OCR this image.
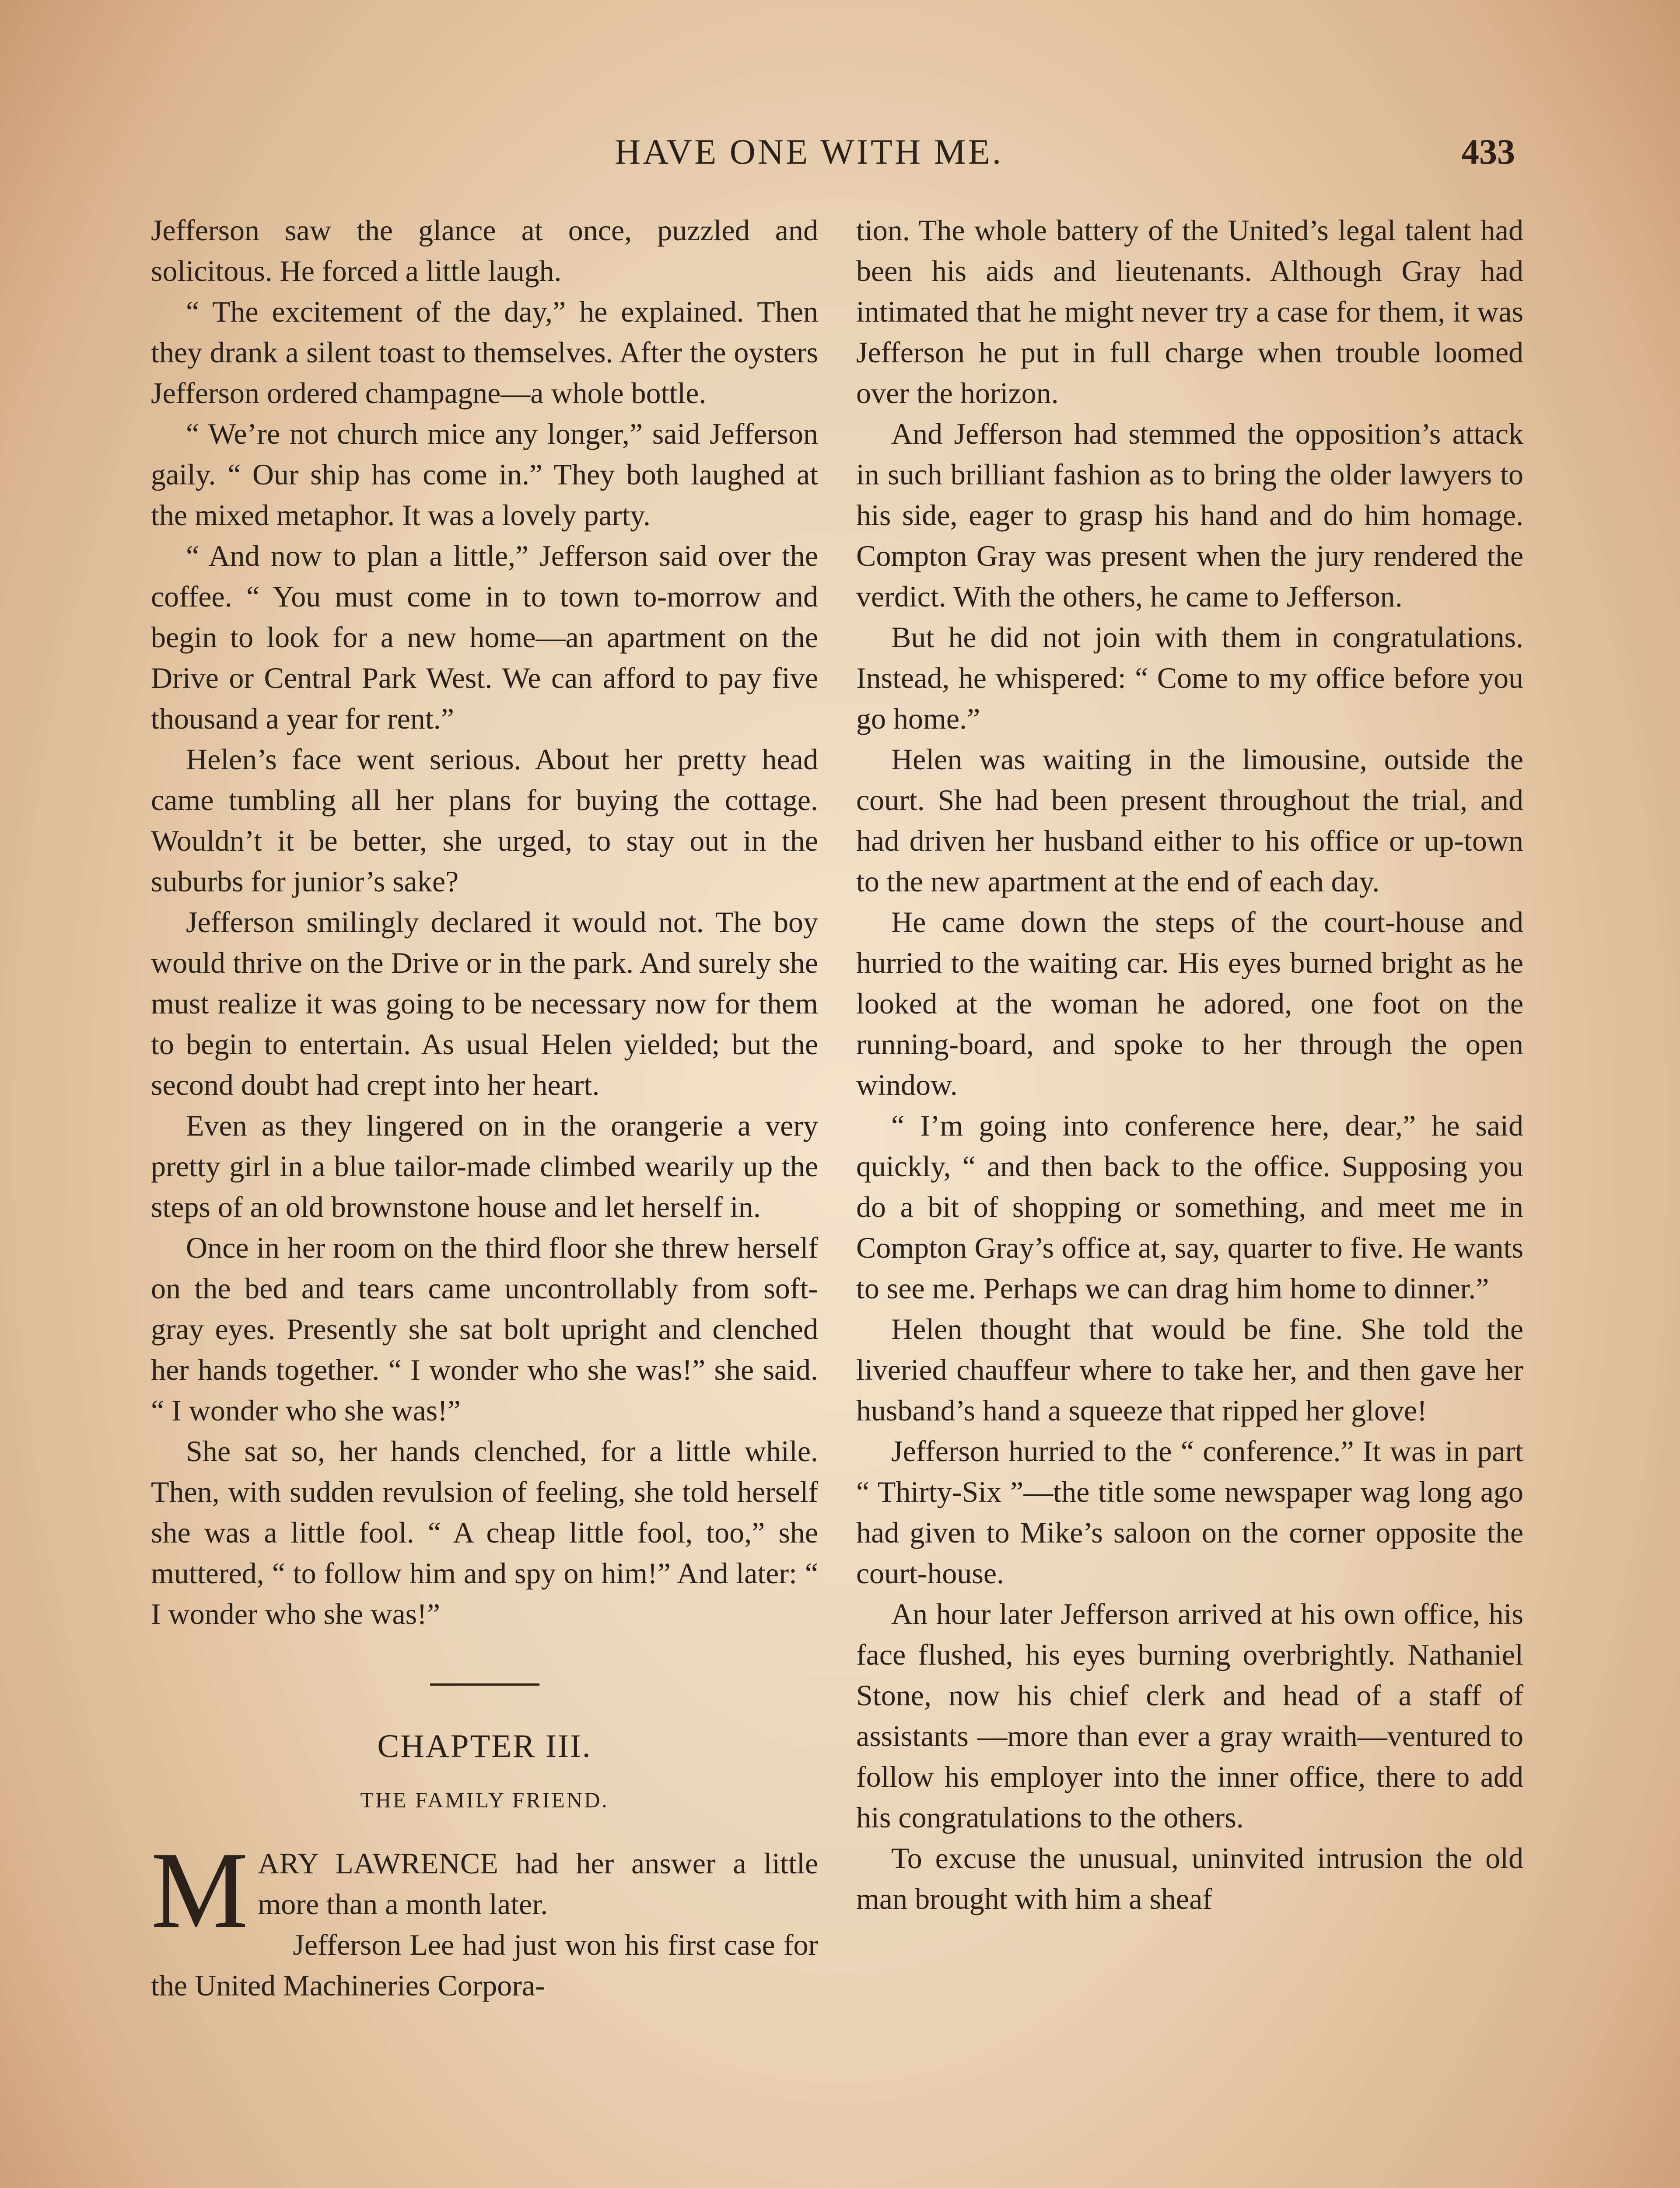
HAVE ONE WITH ME.	433

Jefferson saw the glance at once, puzzled and solicitous. He forced a little laugh.

“ The excitement of the day,” he explained. Then they drank a silent toast to themselves. After the oysters Jefferson ordered champagne—a whole bottle.

“ We’re not church mice any longer,” said Jefferson gaily. “ Our ship has come in.” They both laughed at the mixed metaphor. It was a lovely party.

“ And now to plan a little,” Jefferson said over the coffee. “ You must come in to town to-morrow and begin to look for a new home—an apartment on the Drive or Central Park West. We can afford to pay five thousand a year for rent.”

Helen’s face went serious. About her pretty head came tumbling all her plans for buying the cottage. Wouldn’t it be better, she urged, to stay out in the suburbs for junior’s sake?

Jefferson smilingly declared it would not. The boy would thrive on the Drive or in the park. And surely she must realize it was going to be necessary now for them to begin to entertain. As usual Helen yielded; but the second doubt had crept into her heart.

Even as they lingered on in the orangerie a very pretty girl in a blue tailor-made climbed wearily up the steps of an old brownstone house and let herself in.

Once in her room on the third floor she threw herself on the bed and tears came uncontrollably from soft-gray eyes. Presently she sat bolt upright and clenched her hands together. “ I wonder who she was!” she said. “ I wonder who she was!”

She sat so, her hands clenched, for a little while. Then, with sudden revulsion of feeling, she told herself she was a little fool. “ A cheap little fool, too,” she muttered, “ to follow him and spy on him!” And later: “ I wonder who she was!”

CHAPTER III.
THE FAMILY FRIEND.

MARY LAWRENCE had her answer a little more than a month later.

Jefferson Lee had just won his first case for the United Machineries Corpora-

tion. The whole battery of the United’s legal talent had been his aids and lieutenants. Although Gray had intimated that he might never try a case for them, it was Jefferson he put in full charge when trouble loomed over the horizon.

And Jefferson had stemmed the opposition’s attack in such brilliant fashion as to bring the older lawyers to his side, eager to grasp his hand and do him homage. Compton Gray was present when the jury rendered the verdict. With the others, he came to Jefferson.

But he did not join with them in congratulations. Instead, he whispered: “ Come to my office before you go home.”

Helen was waiting in the limousine, outside the court. She had been present throughout the trial, and had driven her husband either to his office or up-town to the new apartment at the end of each day.

He came down the steps of the court-house and hurried to the waiting car. His eyes burned bright as he looked at the woman he adored, one foot on the running-board, and spoke to her through the open window.

“ I’m going into conference here, dear,” he said quickly, “ and then back to the office. Supposing you do a bit of shopping or something, and meet me in Compton Gray’s office at, say, quarter to five. He wants to see me. Perhaps we can drag him home to dinner.”

Helen thought that would be fine. She told the liveried chauffeur where to take her, and then gave her husband’s hand a squeeze that ripped her glove!

Jefferson hurried to the “ conference.” It was in part “ Thirty-Six ”—the title some newspaper wag long ago had given to Mike’s saloon on the corner opposite the court-house.

An hour later Jefferson arrived at his own office, his face flushed, his eyes burning overbrightly. Nathaniel Stone, now his chief clerk and head of a staff of assistants —more than ever a gray wraith—ventured to follow his employer into the inner office, there to add his congratulations to the others.

To excuse the unusual, uninvited intrusion the old man brought with him a sheaf
